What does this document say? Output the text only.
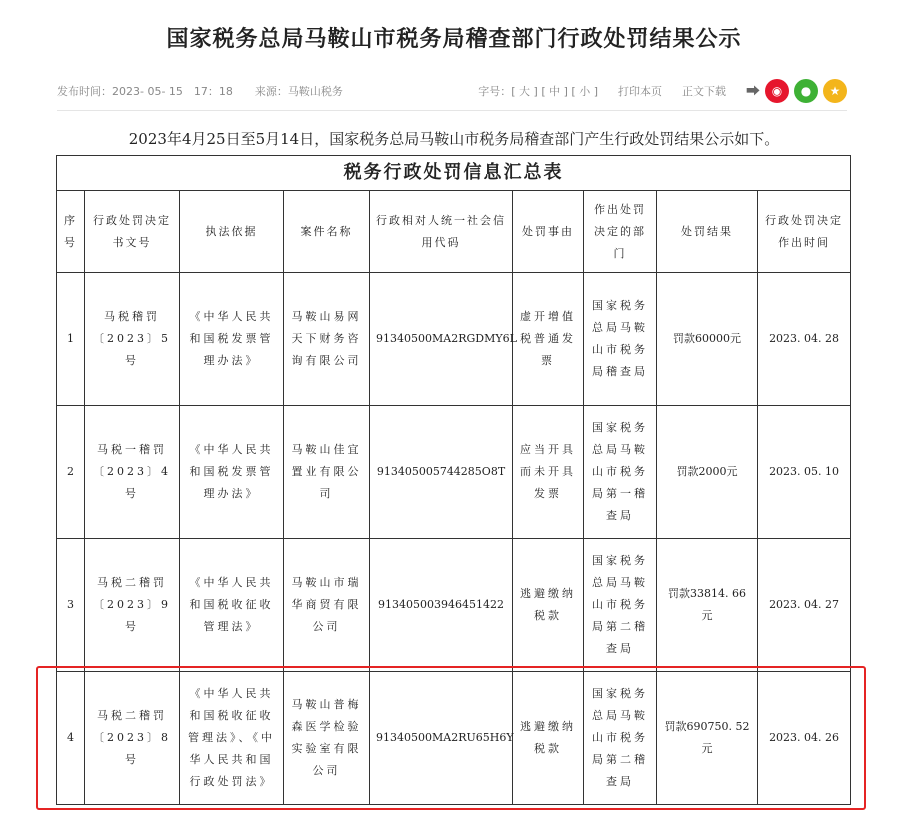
国家税务总局马鞍山市税务局稽查部门行政处罚结果公示
发布时间：2023- 05- 15　17：18 来源：马鞍山税务	字号：[ 大 ] [ 中 ] [ 小 ] 打印本页 正文下载 ⮕ ◉	●	★
2023年4月25日至5月14日，国家税务总局马鞍山市税务局稽查部门产生行政处罚结果公示如下。
税务行政处罚信息汇总表								
序号	行政处罚决定书文号	执法依据	案件名称	行政相对人统一社会信用代码	处罚事由	作出处罚决定的部门	处罚结果	行政处罚决定作出时间
1	马税稽罚〔2023〕5号	《中华人民共和国税发票管理办法》	马鞍山易网天下财务咨询有限公司	91340500MA2RGDMY6L	虚开增值税普通发票	国家税务总局马鞍山市税务局稽查局	罚款60000元	2023. 04. 28
2	马税一稽罚〔2023〕4号	《中华人民共和国税发票管理办法》	马鞍山佳宜置业有限公司	913405005744285O8T	应当开具而未开具发票	国家税务总局马鞍山市税务局第一稽查局	罚款2000元	2023. 05. 10
3	马税二稽罚〔2023〕9 号	《中华人民共和国税收征收管理法》	马鞍山市瑞华商贸有限公司	913405003946451422	逃避缴纳税款	国家税务总局马鞍山市税务局第二稽查局	罚款33814. 66元	2023. 04. 27
4	马税二稽罚〔2023〕8 号	《中华人民共和国税收征收管理法》、《中华人民共和国行政处罚法》	马鞍山普梅森医学检验实验室有限公司	91340500MA2RU65H6Y	逃避缴纳税款	国家税务总局马鞍山市税务局第二稽查局	罚款690750. 52元	2023. 04. 26
